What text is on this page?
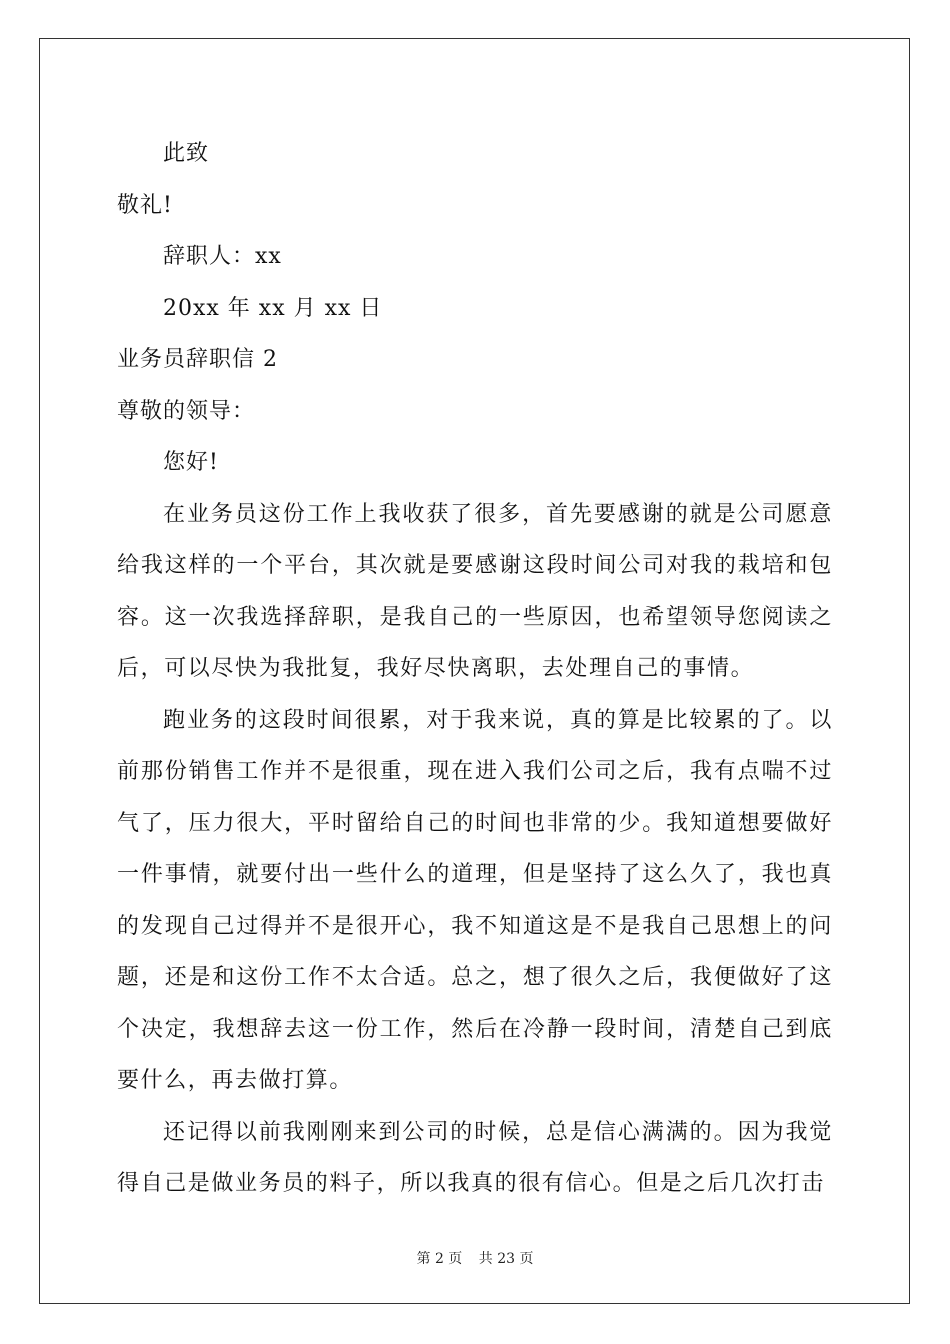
此致
敬礼!
辞职人：xx
20xx 年 xx 月 xx 日
业务员辞职信 2
尊敬的领导：
您好!

在业务员这份工作上我收获了很多，首先要感谢的就是公司愿意给我这样的一个平台，其次就是要感谢这段时间公司对我的栽培和包容。这一次我选择辞职，是我自己的一些原因，也希望领导您阅读之后，可以尽快为我批复，我好尽快离职，去处理自己的事情。

跑业务的这段时间很累，对于我来说，真的算是比较累的了。以前那份销售工作并不是很重，现在进入我们公司之后，我有点喘不过气了，压力很大，平时留给自己的时间也非常的少。我知道想要做好一件事情，就要付出一些什么的道理，但是坚持了这么久了，我也真的发现自己过得并不是很开心，我不知道这是不是我自己思想上的问题，还是和这份工作不太合适。总之，想了很久之后，我便做好了这个决定，我想辞去这一份工作，然后在冷静一段时间，清楚自己到底要什么，再去做打算。

还记得以前我刚刚来到公司的时候，总是信心满满的。因为我觉得自己是做业务员的料子，所以我真的很有信心。但是之后几次打击

第 2 页 共 23 页
